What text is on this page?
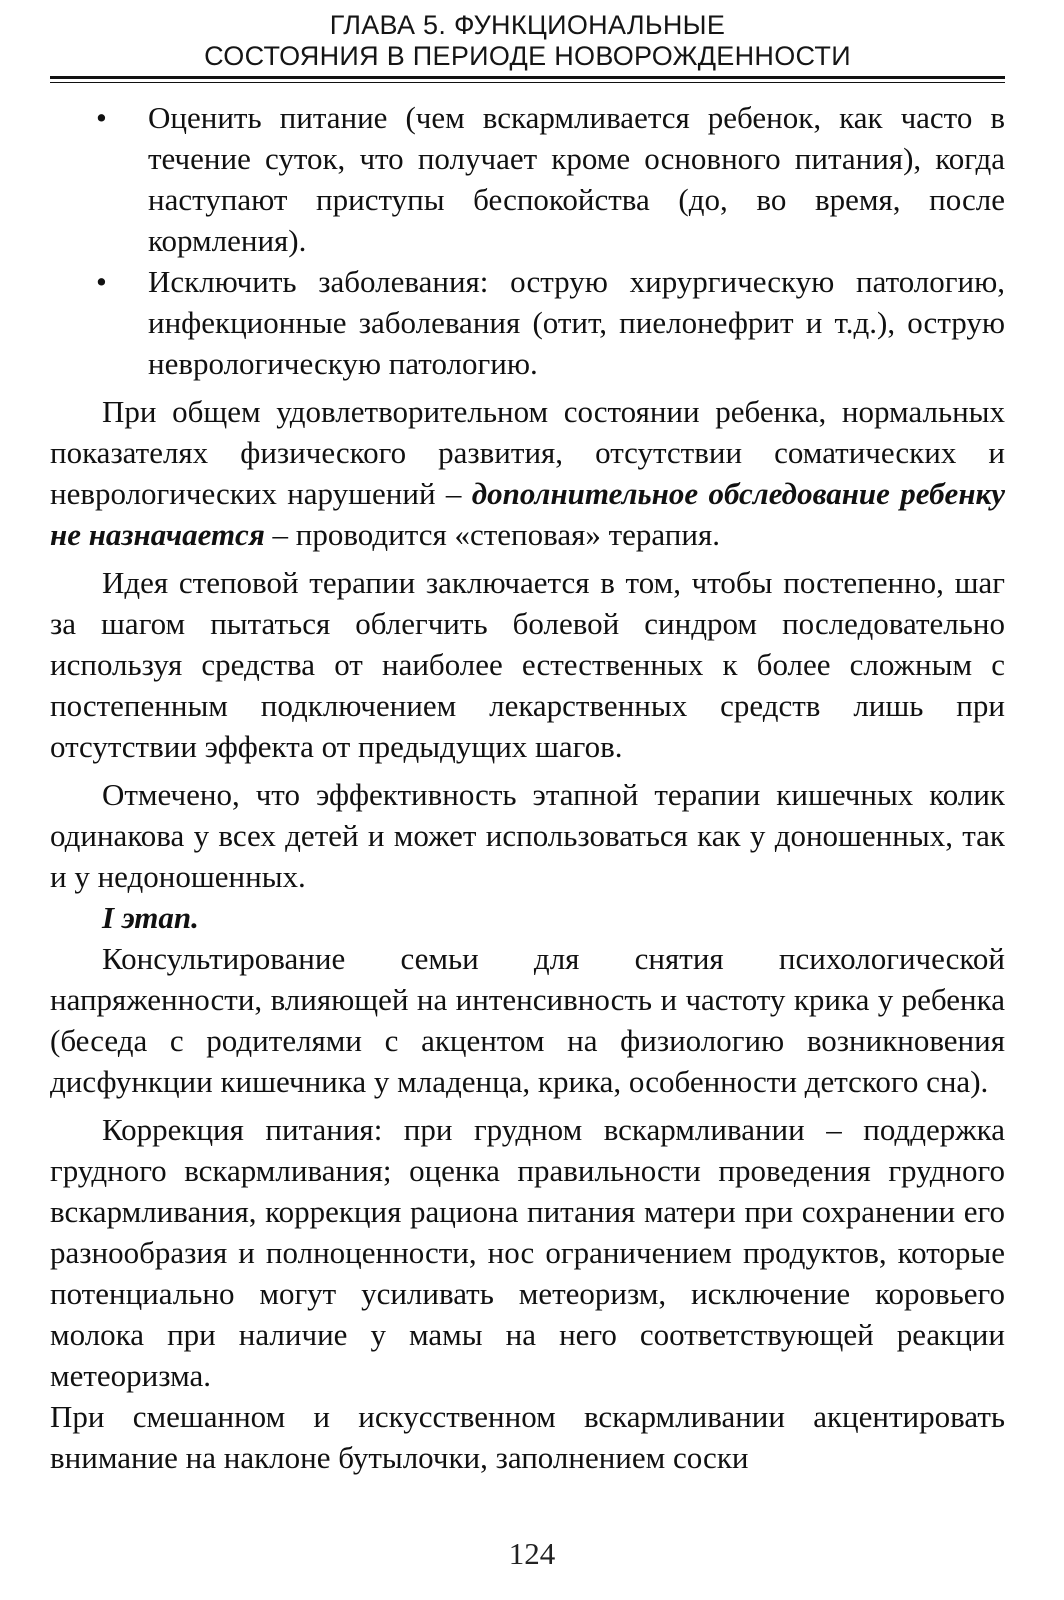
ГЛАВА 5. ФУНКЦИОНАЛЬНЫЕ
СОСТОЯНИЯ В ПЕРИОДЕ НОВОРОЖДЕННОСТИ
• Оценить питание (чем вскармливается ребенок, как часто в течение суток, что получает кроме основного питания), когда наступают приступы беспокойства (до, во время, после кормления).
• Исключить заболевания: острую хирургическую патологию, инфекционные заболевания (отит, пиелонефрит и т.д.), острую неврологическую патологию.

При общем удовлетворительном состоянии ребенка, нормальных показателях физического развития, отсутствии соматических и неврологических нарушений – дополнительное обследование ребенку не назначается – проводится «степовая» терапия.

Идея степовой терапии заключается в том, чтобы постепенно, шаг за шагом пытаться облегчить болевой синдром последовательно используя средства от наиболее естественных к более сложным с постепенным подключением лекарственных средств лишь при отсутствии эффекта от предыдущих шагов.

Отмечено, что эффективность этапной терапии кишечных колик одинакова у всех детей и может использоваться как у доношенных, так и у недоношенных.

I этап.

Консультирование семьи для снятия психологической напряженности, влияющей на интенсивность и частоту крика у ребенка (беседа с родителями с акцентом на физиологию возникновения дисфункции кишечника у младенца, крика, особенности детского сна).

Коррекция питания: при грудном вскармливании – поддержка грудного вскармливания; оценка правильности проведения грудного вскармливания, коррекция рациона питания матери при сохранении его разнообразия и полноценности, нос ограничением продуктов, которые потенциально могут усиливать метеоризм, исключение коровьего молока при наличие у мамы на него соответствующей реакции метеоризма.

При смешанном и искусственном вскармливании акцентировать внимание на наклоне бутылочки, заполнением соски

124
